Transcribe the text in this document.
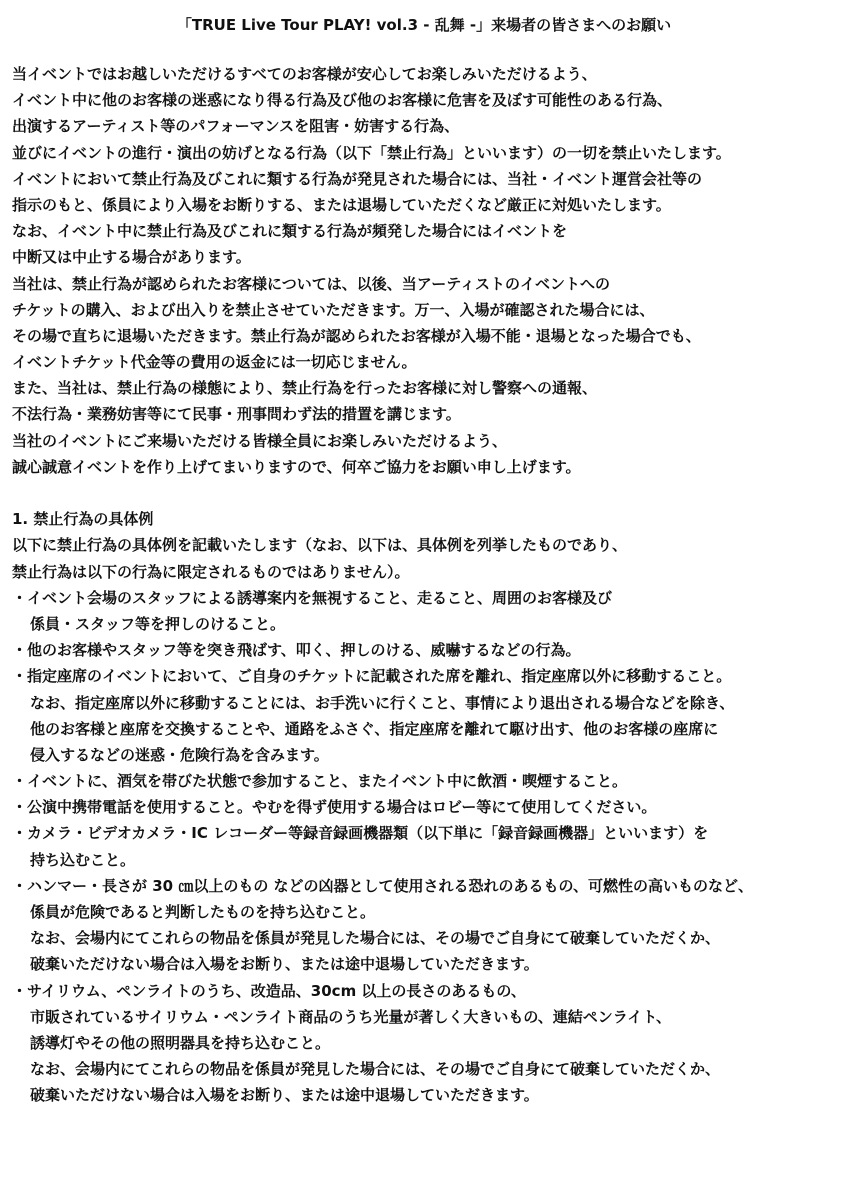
「TRUE Live Tour PLAY! vol.3 - 乱舞 -」来場者の皆さまへのお願い
当イベントではお越しいただけるすべてのお客様が安心してお楽しみいただけるよう、
イベント中に他のお客様の迷惑になり得る行為及び他のお客様に危害を及ぼす可能性のある行為、
出演するアーティスト等のパフォーマンスを阻害・妨害する行為、
並びにイベントの進行・演出の妨げとなる行為（以下「禁止行為」といいます）の一切を禁止いたします。
イベントにおいて禁止行為及びこれに類する行為が発見された場合には、当社・イベント運営会社等の
指示のもと、係員により入場をお断りする、または退場していただくなど厳正に対処いたします。
なお、イベント中に禁止行為及びこれに類する行為が頻発した場合にはイベントを
中断又は中止する場合があります。
当社は、禁止行為が認められたお客様については、以後、当アーティストのイベントへの
チケットの購入、および出入りを禁止させていただきます。万一、入場が確認された場合には、
その場で直ちに退場いただきます。禁止行為が認められたお客様が入場不能・退場となった場合でも、
イベントチケット代金等の費用の返金には一切応じません。
また、当社は、禁止行為の様態により、禁止行為を行ったお客様に対し警察への通報、
不法行為・業務妨害等にて民事・刑事問わず法的措置を講じます。
当社のイベントにご来場いただける皆様全員にお楽しみいただけるよう、
誠心誠意イベントを作り上げてまいりますので、何卒ご協力をお願い申し上げます。
1. 禁止行為の具体例
以下に禁止行為の具体例を記載いたします（なお、以下は、具体例を列挙したものであり、
禁止行為は以下の行為に限定されるものではありません）。
・イベント会場のスタッフによる誘導案内を無視すること、走ること、周囲のお客様及び
係員・スタッフ等を押しのけること。
・他のお客様やスタッフ等を突き飛ばす、叩く、押しのける、威嚇するなどの行為。
・指定座席のイベントにおいて、ご自身のチケットに記載された席を離れ、指定座席以外に移動すること。
なお、指定座席以外に移動することには、お手洗いに行くこと、事情により退出される場合などを除き、
他のお客様と座席を交換することや、通路をふさぐ、指定座席を離れて駆け出す、他のお客様の座席に
侵入するなどの迷惑・危険行為を含みます。
・イベントに、酒気を帯びた状態で参加すること、またイベント中に飲酒・喫煙すること。
・公演中携帯電話を使用すること。やむを得ず使用する場合はロビー等にて使用してください。
・カメラ・ビデオカメラ・IC レコーダー等録音録画機器類（以下単に「録音録画機器」といいます）を
持ち込むこと。
・ハンマー・長さが 30 ㎝以上のもの などの凶器として使用される恐れのあるもの、可燃性の高いものなど、
係員が危険であると判断したものを持ち込むこと。
なお、会場内にてこれらの物品を係員が発見した場合には、その場でご自身にて破棄していただくか、
破棄いただけない場合は入場をお断り、または途中退場していただきます。
・サイリウム、ペンライトのうち、改造品、30cm 以上の長さのあるもの、
市販されているサイリウム・ペンライト商品のうち光量が著しく大きいもの、連結ペンライト、
誘導灯やその他の照明器具を持ち込むこと。
なお、会場内にてこれらの物品を係員が発見した場合には、その場でご自身にて破棄していただくか、
破棄いただけない場合は入場をお断り、または途中退場していただきます。
